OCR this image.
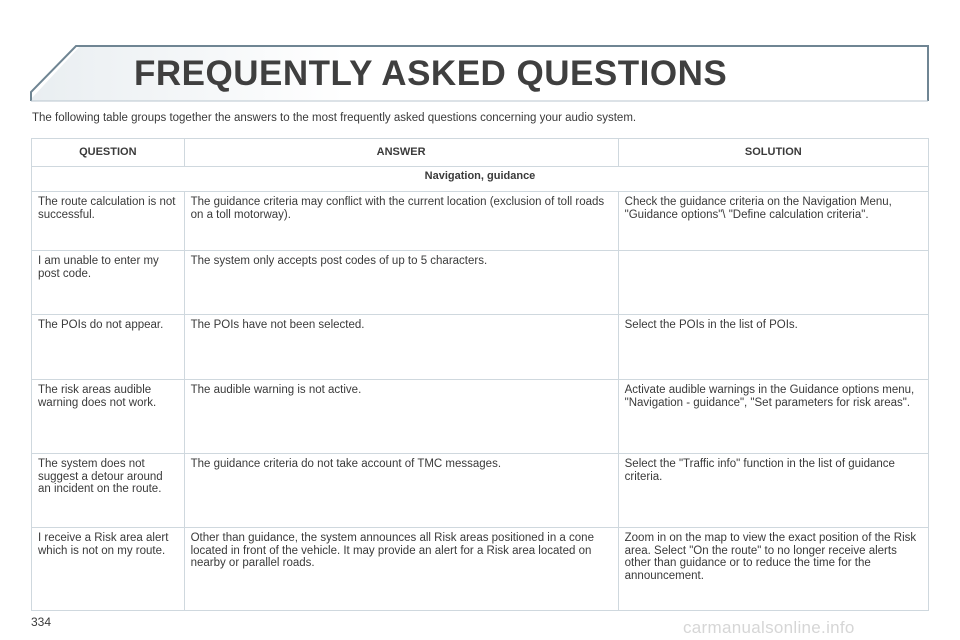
FREQUENTLY ASKED QUESTIONS
The following table groups together the answers to the most frequently asked questions concerning your audio system.
QUESTION	ANSWER	SOLUTION
Navigation, guidance		
The route calculation is not successful.	The guidance criteria may conflict with the current location (exclusion of toll roads on a toll motorway).	Check the guidance criteria on the Navigation Menu, "Guidance options"\ "Define calculation criteria".
I am unable to enter my post code.	The system only accepts post codes of up to 5 characters.	
The POIs do not appear.	The POIs have not been selected.	Select the POIs in the list of POIs.
The risk areas audible warning does not work.	The audible warning is not active.	Activate audible warnings in the Guidance options menu, "Navigation - guidance", "Set parameters for risk areas".
The system does not suggest a detour around an incident on the route.	The guidance criteria do not take account of TMC messages.	Select the "Traffic info" function in the list of guidance criteria.
I receive a Risk area alert which is not on my route.	Other than guidance, the system announces all Risk areas positioned in a cone located in front of the vehicle. It may provide an alert for a Risk area located on nearby or parallel roads.	Zoom in on the map to view the exact position of the Risk area. Select "On the route" to no longer receive alerts other than guidance or to reduce the time for the announcement.
334	carmanualsonline.info
